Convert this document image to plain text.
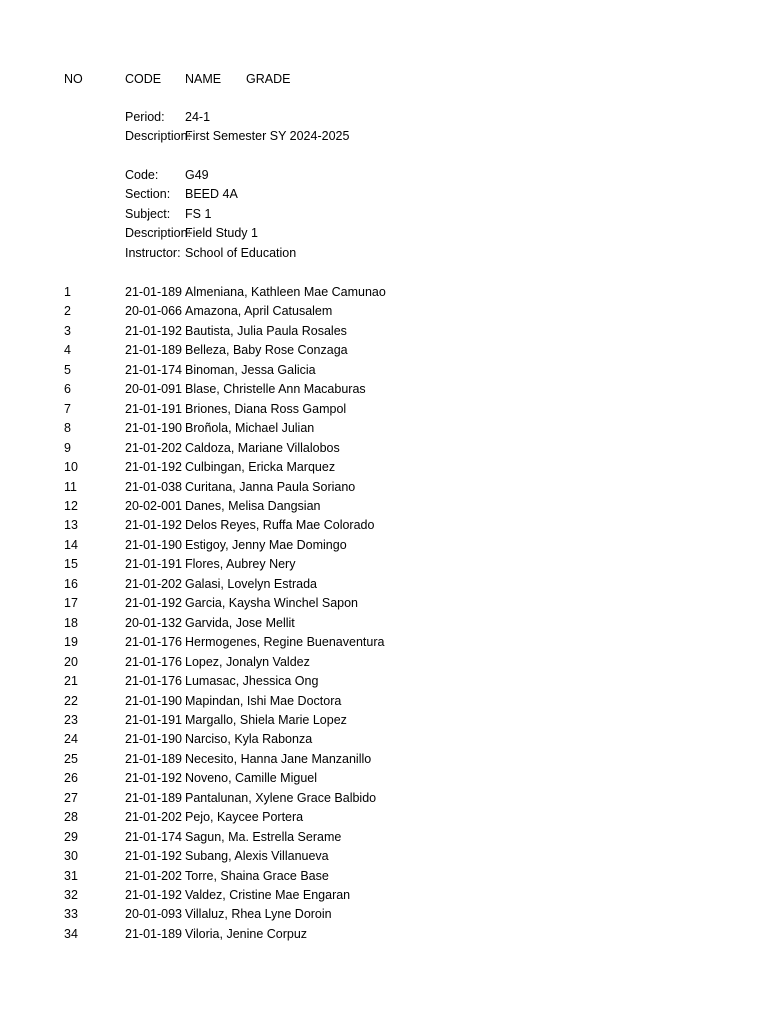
NO	CODE	NAME	GRADE
Period:	24-1
Description:
First Semester SY 2024-2025
Code:	G49
Section:	BEED 4A
Subject:	FS 1
Description:
Field Study 1
Instructor: School of Education
1	21-01-189 Almeniana, Kathleen Mae Camunao
2	20-01-066 Amazona, April Catusalem
3	21-01-192 Bautista, Julia Paula Rosales
4	21-01-189 Belleza, Baby Rose Conzaga
5	21-01-174 Binoman, Jessa Galicia
6	20-01-091 Blase, Christelle Ann Macaburas
7	21-01-191 Briones, Diana Ross Gampol
8	21-01-190 Broñola, Michael Julian
9	21-01-202 Caldoza, Mariane Villalobos
10	21-01-192 Culbingan, Ericka Marquez
11	21-01-038 Curitana, Janna Paula Soriano
12	20-02-001 Danes, Melisa Dangsian
13	21-01-192 Delos Reyes, Ruffa Mae Colorado
14	21-01-190 Estigoy, Jenny Mae Domingo
15	21-01-191 Flores, Aubrey Nery
16	21-01-202 Galasi, Lovelyn Estrada
17	21-01-192 Garcia, Kaysha Winchel Sapon
18	20-01-132 Garvida, Jose Mellit
19	21-01-176 Hermogenes, Regine Buenaventura
20	21-01-176 Lopez, Jonalyn Valdez
21	21-01-176 Lumasac, Jhessica Ong
22	21-01-190 Mapindan, Ishi Mae Doctora
23	21-01-191 Margallo, Shiela Marie Lopez
24	21-01-190 Narciso, Kyla Rabonza
25	21-01-189 Necesito, Hanna Jane Manzanillo
26	21-01-192 Noveno, Camille Miguel
27	21-01-189 Pantalunan, Xylene Grace Balbido
28	21-01-202 Pejo, Kaycee Portera
29	21-01-174 Sagun, Ma. Estrella Serame
30	21-01-192 Subang, Alexis Villanueva
31	21-01-202 Torre, Shaina Grace Base
32	21-01-192 Valdez, Cristine Mae Engaran
33	20-01-093 Villaluz, Rhea Lyne Doroin
34	21-01-189 Viloria, Jenine Corpuz
